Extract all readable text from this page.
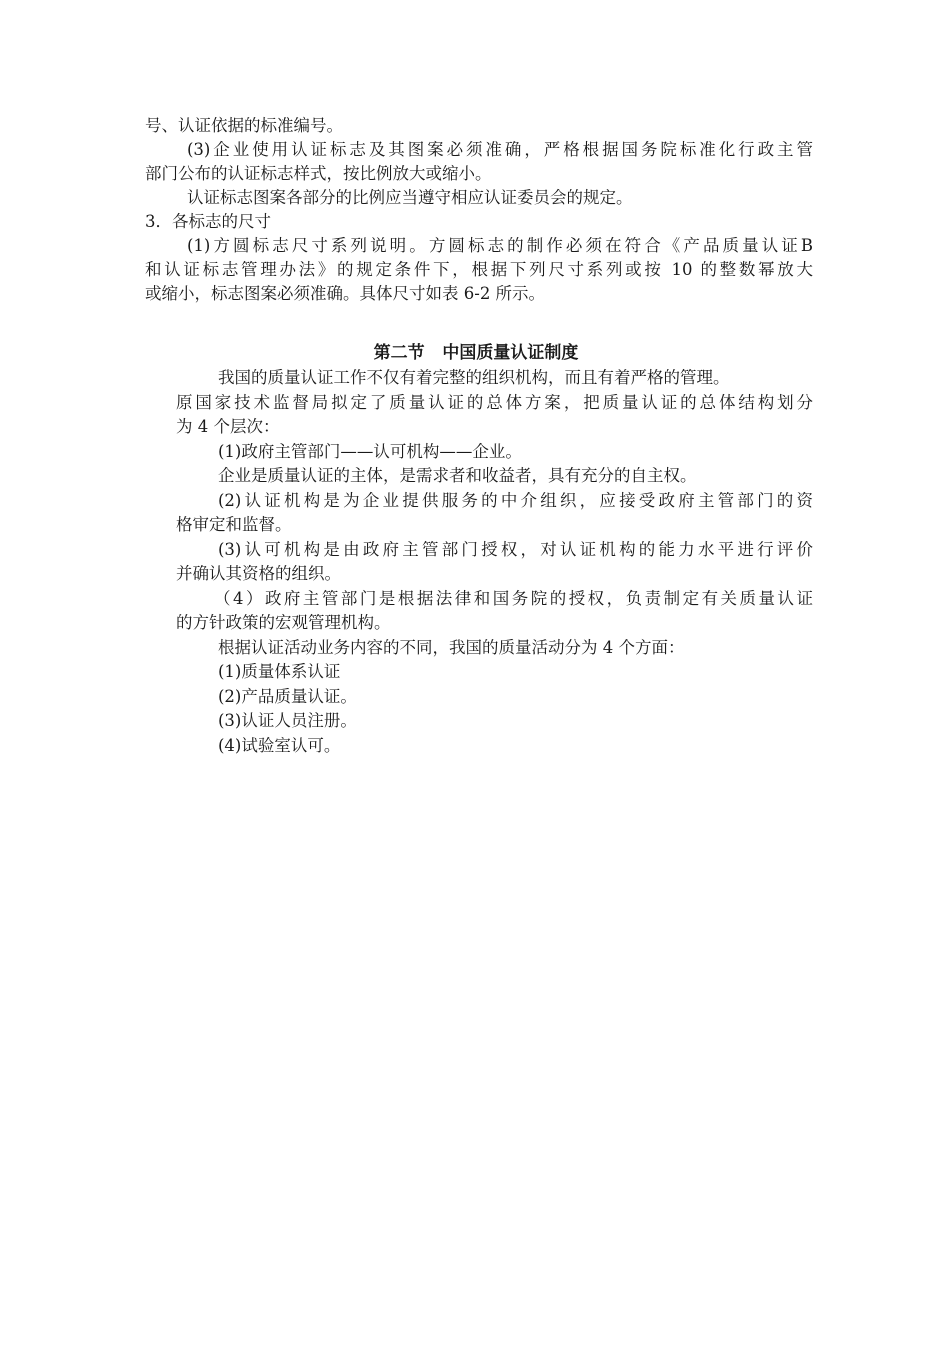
号、认证依据的标准编号。
(3)企业使用认证标志及其图案必须准确，严格根据国务院标准化行政主管
部门公布的认证标志样式，按比例放大或缩小。
认证标志图案各部分的比例应当遵守相应认证委员会的规定。
3．各标志的尺寸
(1)方圆标志尺寸系列说明。方圆标志的制作必须在符合《产品质量认证B
和认证标志管理办法》的规定条件下，根据下列尺寸系列或按 10 的整数幂放大
或缩小，标志图案必须准确。具体尺寸如表 6-2 所示。
第二节 中国质量认证制度
我国的质量认证工作不仅有着完整的组织机构，而且有着严格的管理。
原国家技术监督局拟定了质量认证的总体方案，把质量认证的总体结构划分
为 4 个层次：
(1)政府主管部门——认可机构——企业。
企业是质量认证的主体，是需求者和收益者，具有充分的自主权。
(2)认证机构是为企业提供服务的中介组织，应接受政府主管部门的资
格审定和监督。
(3)认可机构是由政府主管部门授权，对认证机构的能力水平进行评价
并确认其资格的组织。
（4）政府主管部门是根据法律和国务院的授权，负责制定有关质量认证
的方针政策的宏观管理机构。
根据认证活动业务内容的不同，我国的质量活动分为 4 个方面：
(1)质量体系认证
(2)产品质量认证。
(3)认证人员注册。
(4)试验室认可。
